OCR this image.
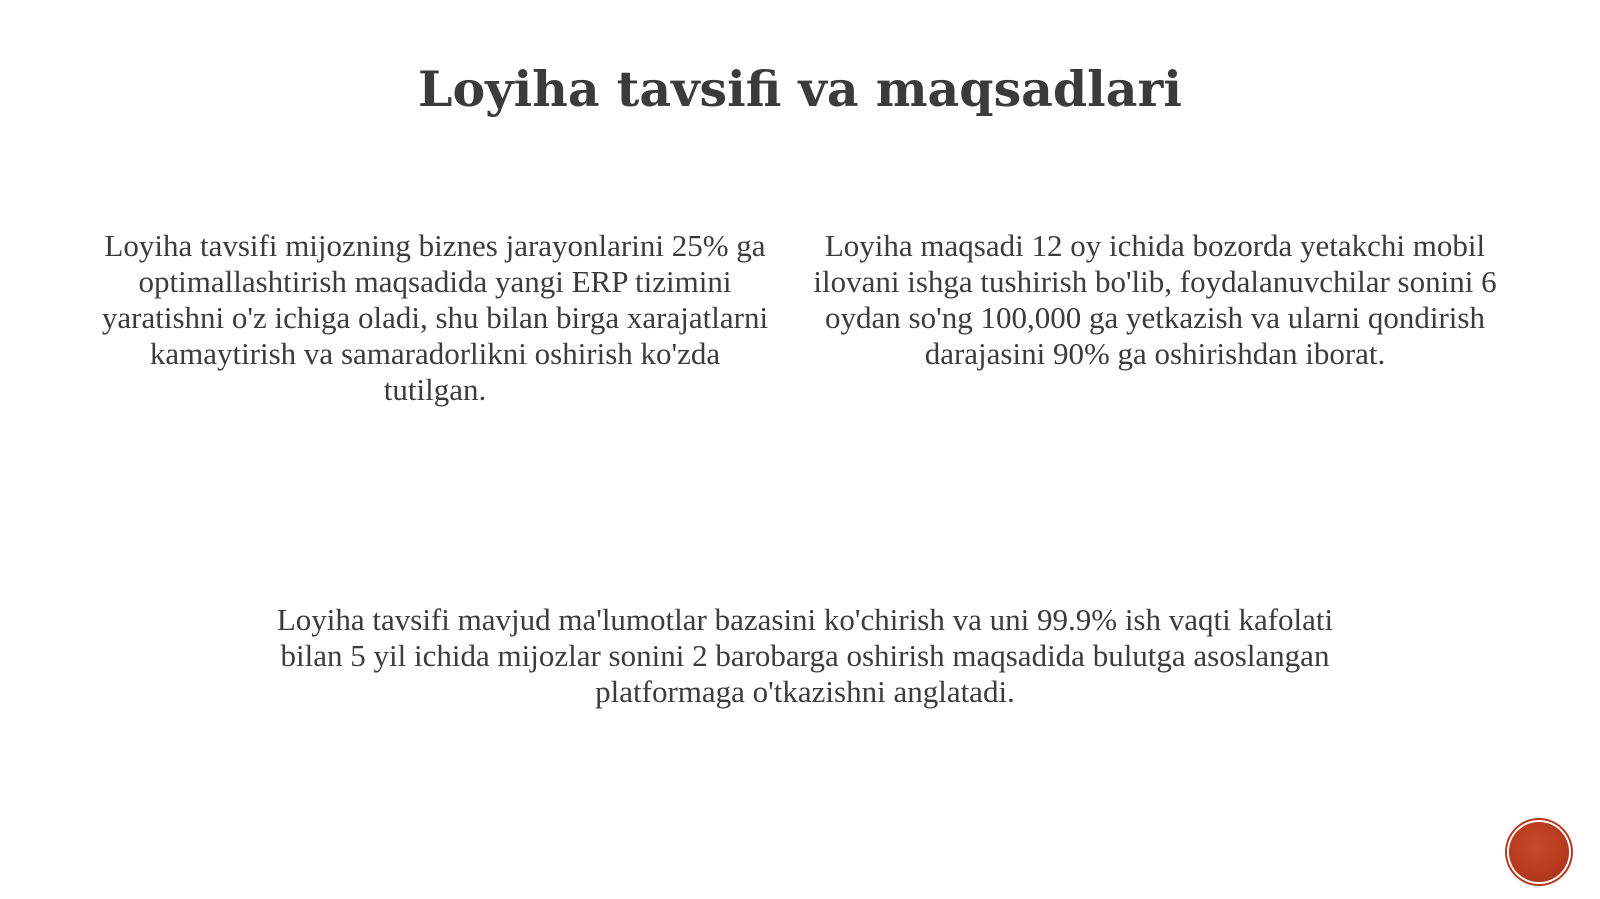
Loyiha tavsifi va maqsadlari

Loyiha tavsifi mijozning biznes jarayonlarini 25% ga optimallashtirish maqsadida yangi ERP tizimini yaratishni o'z ichiga oladi, shu bilan birga xarajatlarni kamaytirish va samaradorlikni oshirish ko'zda tutilgan.

Loyiha maqsadi 12 oy ichida bozorda yetakchi mobil ilovani ishga tushirish bo'lib, foydalanuvchilar sonini 6 oydan so'ng 100,000 ga yetkazish va ularni qondirish darajasini 90% ga oshirishdan iborat.

Loyiha tavsifi mavjud ma'lumotlar bazasini ko'chirish va uni 99.9% ish vaqti kafolati bilan 5 yil ichida mijozlar sonini 2 barobarga oshirish maqsadida bulutga asoslangan platformaga o'tkazishni anglatadi.
